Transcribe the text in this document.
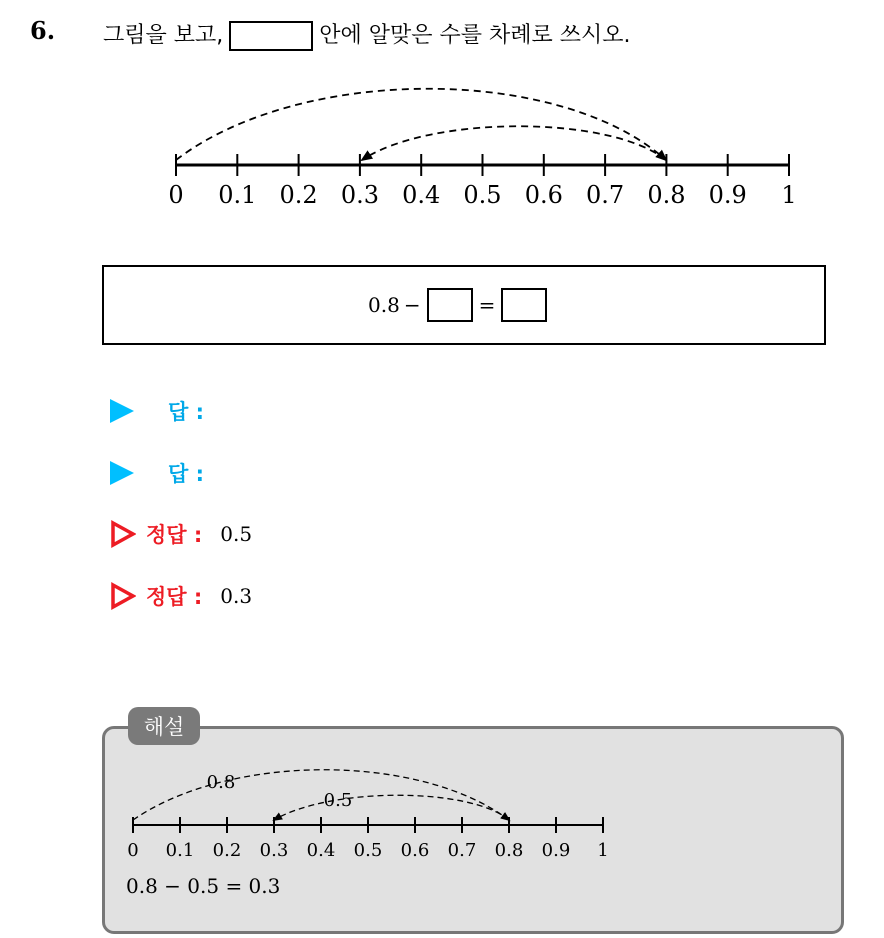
6. 그림을 보고,	안에 알맞은 수를 차례로 쓰시오.
0 0.1 0.2 0.3 0.4 0.5 0.6 0.7 0.8 0.9 1
0.8 −	=
답 :
답 :
정답 : 0.5
정답 : 0.3
해설
0 0.1 0.2 0.3 0.4 0.5 0.6 0.7 0.8 0.9 1
0.8
0.5
0.8 − 0.5 = 0.3
